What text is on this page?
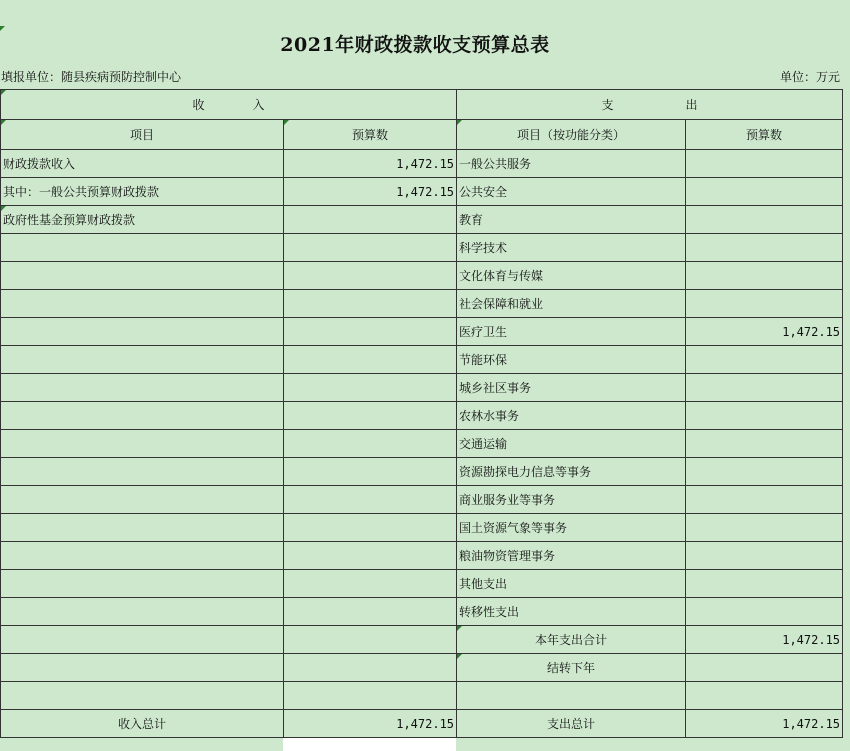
2021年财政拨款收支预算总表
填报单位：随县疾病预防控制中心	单位：万元
收　　　　入		支　　　　　　出	
项目	预算数	项目（按功能分类）	预算数
财政拨款收入	1,472.15	一般公共服务	
其中：一般公共预算财政拨款	1,472.15	公共安全	
政府性基金预算财政拨款		教育	
		科学技术	
		文化体育与传媒	
		社会保障和就业	
		医疗卫生	1,472.15
		节能环保	
		城乡社区事务	
		农林水事务	
		交通运输	
		资源勘探电力信息等事务	
		商业服务业等事务	
		国土资源气象等事务	
		粮油物资管理事务	
		其他支出	
		转移性支出	
		本年支出合计	1,472.15
		结转下年	

收入总计	1,472.15	支出总计	1,472.15
